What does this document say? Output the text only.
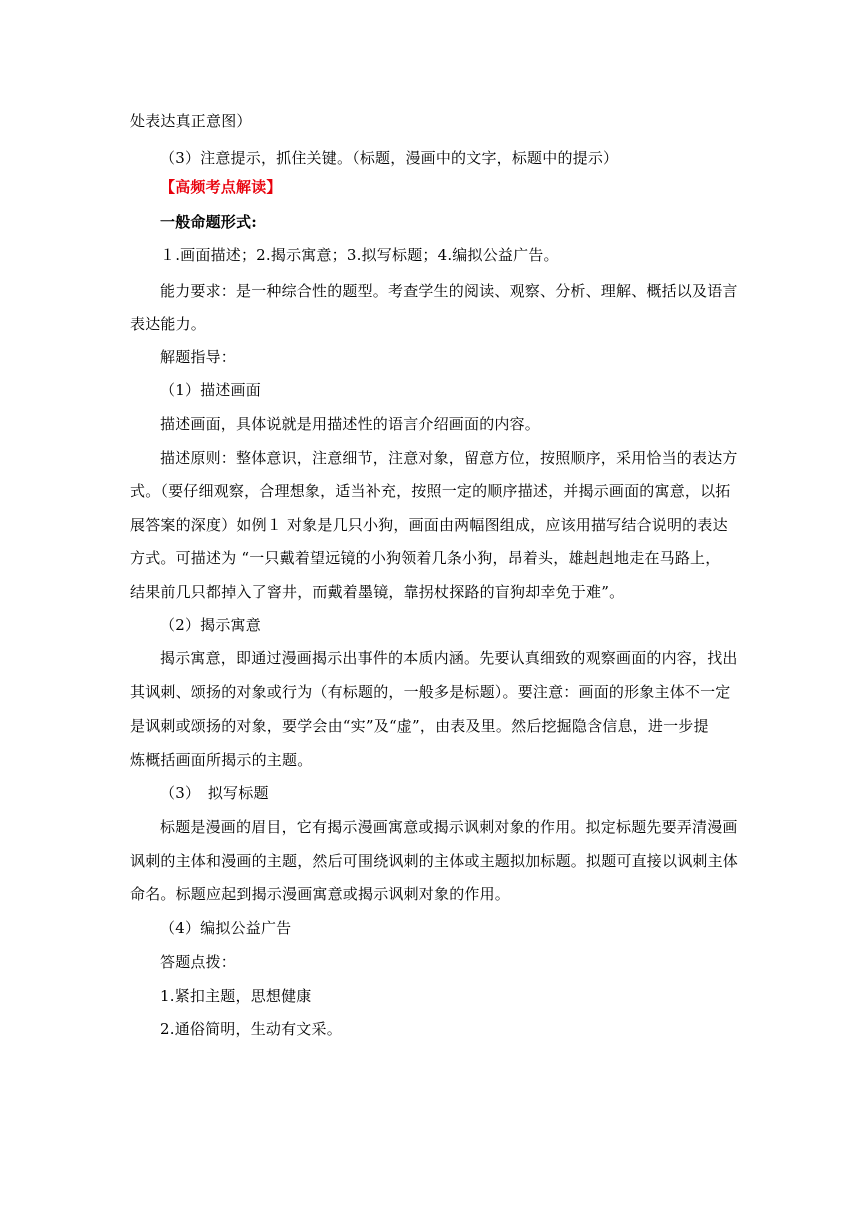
处表达真正意图）
（3）注意提示，抓住关键。（标题，漫画中的文字，标题中的提示）
【高频考点解读】
一般命题形式:
１.画面描述；2.揭示寓意；3.拟写标题；4.编拟公益广告。
能力要求：是一种综合性的题型。考查学生的阅读、观察、分析、理解、概括以及语言
表达能力。
解题指导：
（1）描述画面
描述画面，具体说就是用描述性的语言介绍画面的内容。
描述原则：整体意识，注意细节，注意对象，留意方位，按照顺序，采用恰当的表达方
式。（要仔细观察，合理想象，适当补充，按照一定的顺序描述，并揭示画面的寓意，以拓
展答案的深度）如例１ 对象是几只小狗，画面由两幅图组成，应该用描写结合说明的表达
方式。可描述为 “一只戴着望远镜的小狗领着几条小狗，昂着头，雄赳赳地走在马路上，
结果前几只都掉入了窨井，而戴着墨镜，靠拐杖探路的盲狗却幸免于难”。
（2）揭示寓意
揭示寓意，即通过漫画揭示出事件的本质内涵。先要认真细致的观察画面的内容，找出
其讽刺、颂扬的对象或行为（有标题的，一般多是标题）。要注意：画面的形象主体不一定
是讽刺或颂扬的对象，要学会由“实”及“虚”，由表及里。然后挖掘隐含信息，进一步提
炼概括画面所揭示的主题。
（3）　拟写标题
标题是漫画的眉目，它有揭示漫画寓意或揭示讽刺对象的作用。拟定标题先要弄清漫画
讽刺的主体和漫画的主题，然后可围绕讽刺的主体或主题拟加标题。拟题可直接以讽刺主体
命名。标题应起到揭示漫画寓意或揭示讽刺对象的作用。
（4）编拟公益广告
答题点拨：
1.紧扣主题，思想健康
2.通俗简明，生动有文采。
